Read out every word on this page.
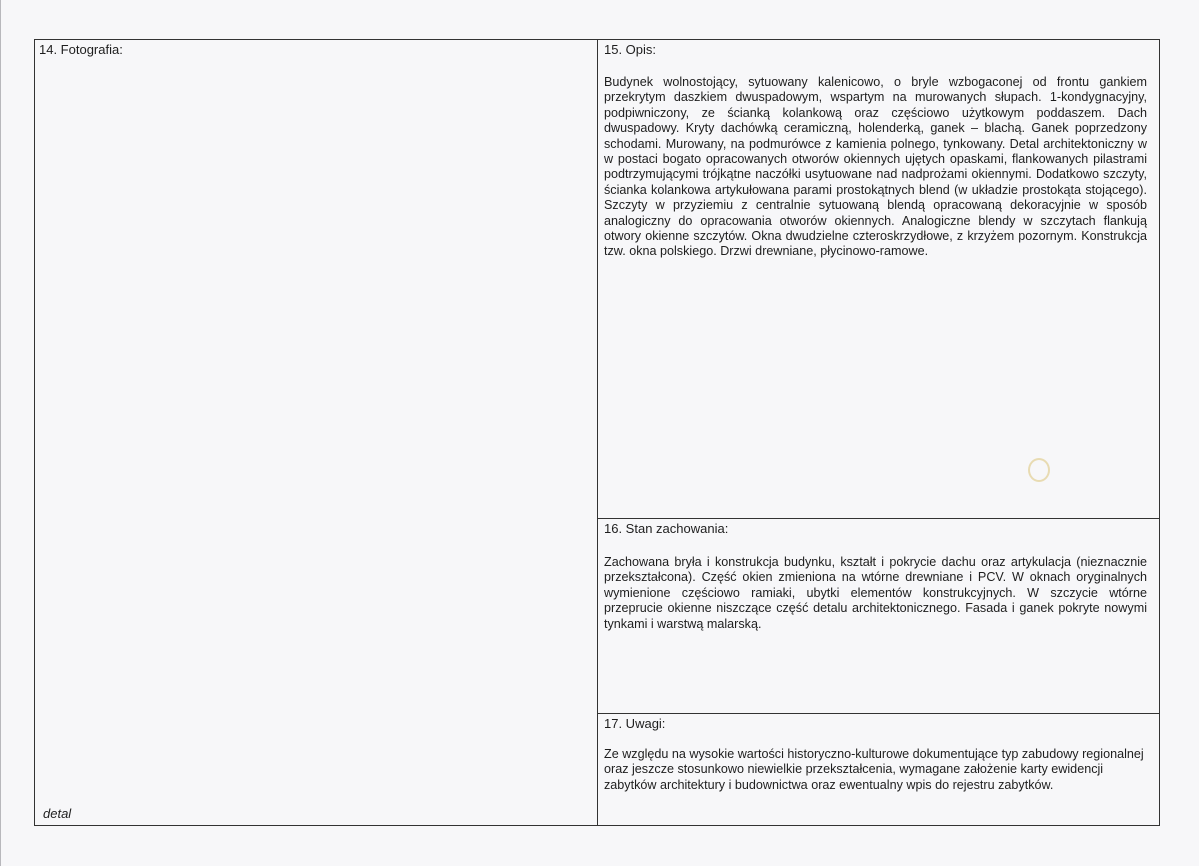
14. Fotografia:
detal
15. Opis:
Budynek wolnostojący, sytuowany kalenicowo, o bryle wzbogaconej od frontu gankiem przekrytym daszkiem dwuspadowym, wspartym na murowanych słupach. 1-kondygnacyjny, podpiwniczony, ze ścianką kolankową oraz częściowo użytkowym poddaszem. Dach dwuspadowy. Kryty dachówką ceramiczną, holenderką, ganek – blachą. Ganek poprzedzony schodami. Murowany, na podmurówce z kamienia polnego, tynkowany. Detal architektoniczny w w postaci bogato opracowanych otworów okiennych ujętych opaskami, flankowanych pilastrami podtrzymującymi trójkątne naczółki usytuowane nad nadprożami okiennymi. Dodatkowo szczyty, ścianka kolankowa artykułowana parami prostokątnych blend (w układzie prostokąta stojącego). Szczyty w przyziemiu z centralnie sytuowaną blendą opracowaną dekoracyjnie w sposób analogiczny do opracowania otworów okiennych. Analogiczne blendy w szczytach flankują otwory okienne szczytów. Okna dwudzielne czteroskrzydłowe, z krzyżem pozornym. Konstrukcja tzw. okna polskiego. Drzwi drewniane, płycinowo-ramowe.
16. Stan zachowania:
Zachowana bryła i konstrukcja budynku, kształt i pokrycie dachu oraz artykulacja (nieznacznie przekształcona). Część okien zmieniona na wtórne drewniane i PCV. W oknach oryginalnych wymienione częściowo ramiaki, ubytki elementów konstrukcyjnych. W szczycie wtórne przeprucie okienne niszczące część detalu architektonicznego. Fasada i ganek pokryte nowymi tynkami i warstwą malarską.
17. Uwagi:
Ze względu na wysokie wartości historyczno-kulturowe dokumentujące typ zabudowy regionalnej oraz jeszcze stosunkowo niewielkie przekształcenia, wymagane założenie karty ewidencji zabytków architektury i budownictwa oraz ewentualny wpis do rejestru zabytków.
